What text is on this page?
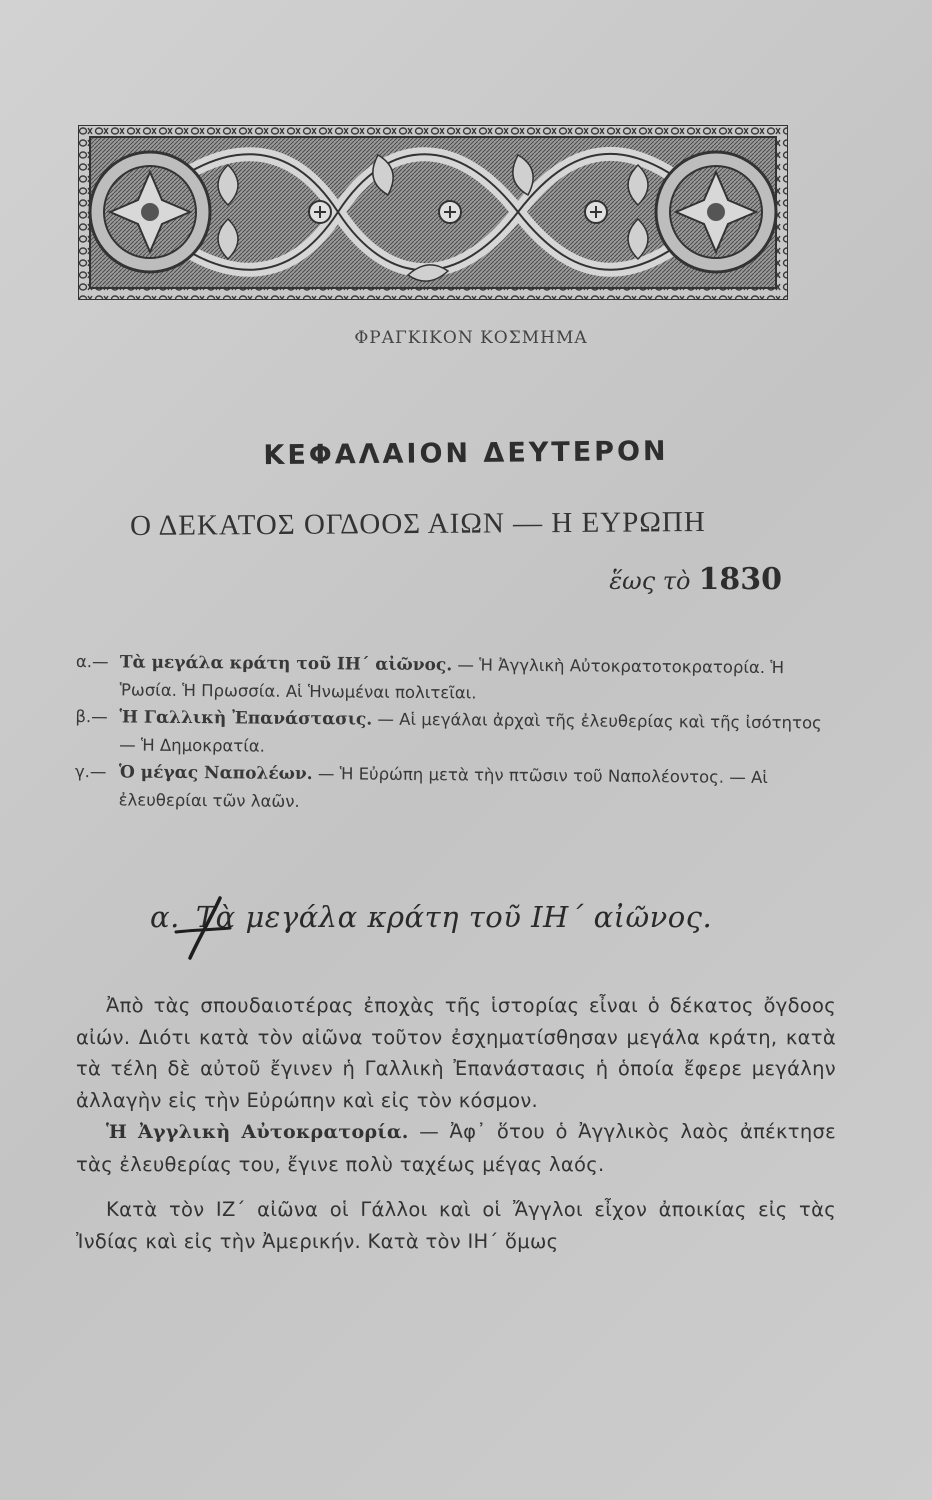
ΦΡΑΓΚΙΚΟΝ ΚΟΣΜΗΜΑ
ΚΕΦΑΛΑΙΟΝ ΔΕΥΤΕΡΟΝ
Ο ΔΕΚΑΤΟΣ ΟΓΔΟΟΣ ΑΙΩΝ — Η ΕΥΡΩΠΗ
ἕως τὸ 1830
α.— Τὰ μεγάλα κράτη τοῦ ΙΗ΄ αἰῶνος. — Ἡ Ἀγγλικὴ Αὐτοκρατοτοκρατορία. Ἡ Ῥωσία. Ἡ Πρωσσία. Αἱ Ἡνωμέναι πολιτεῖαι.
β.— Ἡ Γαλλικὴ Ἐπανάστασις. — Αἱ μεγάλαι ἀρχαὶ τῆς ἐλευθερίας καὶ τῆς ἰσότητος — Ἡ Δημοκρατία.
γ.— Ὁ μέγας Ναπολέων. — Ἡ Εὐρώπη μετὰ τὴν πτῶσιν τοῦ Ναπολέοντος. — Αἱ ἐλευθερίαι τῶν λαῶν.
α. Τὰ μεγάλα κράτη τοῦ ΙΗ΄ αἰῶνος.

Ἀπὸ τὰς σπουδαιοτέρας ἐποχὰς τῆς ἱστορίας εἶναι ὁ δέκατος ὄγδοος αἰών. Διότι κατὰ τὸν αἰῶνα τοῦτον ἐσχηματίσθησαν μεγάλα κράτη, κατὰ τὰ τέλη δὲ αὐτοῦ ἔγινεν ἡ Γαλλικὴ Ἐπανάστασις ἡ ὁποία ἔφερε μεγάλην ἀλλαγὴν εἰς τὴν Εὐρώπην καὶ εἰς τὸν κόσμον.

Ἡ Ἀγγλικὴ Αὐτοκρατορία. — Ἀφ᾽ ὅτου ὁ Ἀγγλικὸς λαὸς ἀπέκτησε τὰς ἐλευθερίας του, ἔγινε πολὺ ταχέως μέγας λαός.

Κατὰ τὸν ΙΖ΄ αἰῶνα οἱ Γάλλοι καὶ οἱ Ἄγγλοι εἶχον ἀποικίας εἰς τὰς Ἰνδίας καὶ εἰς τὴν Ἀμερικήν. Κατὰ τὸν ΙΗ΄ ὅμως
